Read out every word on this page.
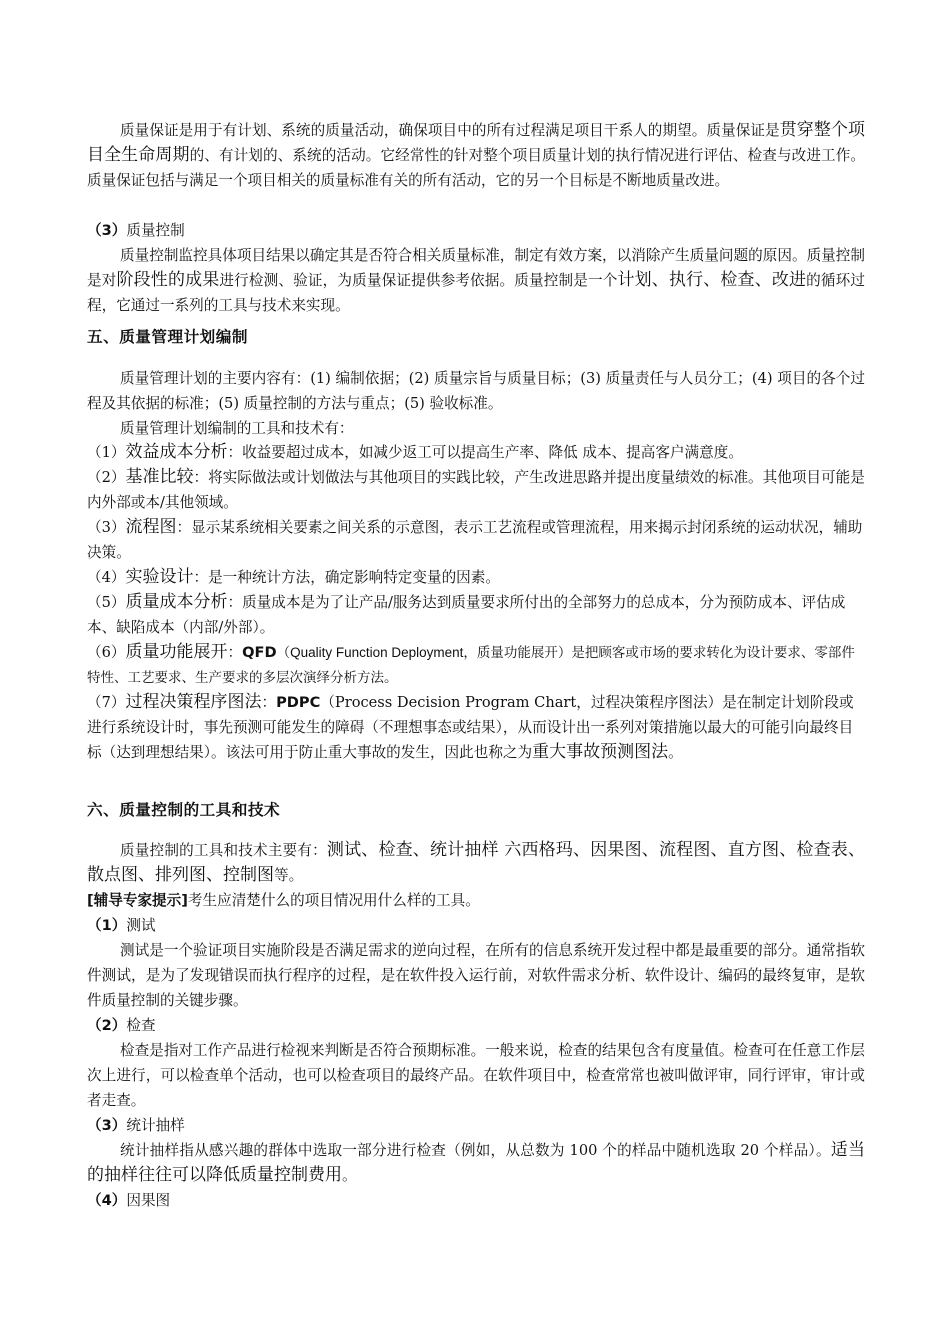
质量保证是用于有计划、系统的质量活动，确保项目中的所有过程满足项目干系人的期望。质量保证是贯穿整个项目全生命周期的、有计划的、系统的活动。它经常性的针对整个项目质量计划的执行情况进行评估、检查与改进工作。质量保证包括与满足一个项目相关的质量标准有关的所有活动，它的另一个目标是不断地质量改进。

（3）质量控制

质量控制监控具体项目结果以确定其是否符合相关质量标准，制定有效方案，以消除产生质量问题的原因。质量控制是对阶段性的成果进行检测、验证，为质量保证提供参考依据。质量控制是一个计划、执行、检查、改进的循环过程，它通过一系列的工具与技术来实现。

五、质量管理计划编制

质量管理计划的主要内容有：(1) 编制依据；(2) 质量宗旨与质量目标；(3) 质量责任与人员分工；(4) 项目的各个过程及其依据的标准；(5) 质量控制的方法与重点；(5) 验收标准。

质量管理计划编制的工具和技术有：

（1）效益成本分析：收益要超过成本，如减少返工可以提高生产率、降低 成本、提高客户满意度。

（2）基准比较：将实际做法或计划做法与其他项目的实践比较，产生改进思路并提出度量绩效的标准。其他项目可能是内外部或本/其他领域。

（3）流程图：显示某系统相关要素之间关系的示意图，表示工艺流程或管理流程，用来揭示封闭系统的运动状况，辅助决策。

（4）实验设计：是一种统计方法，确定影响特定变量的因素。

（5）质量成本分析：质量成本是为了让产品/服务达到质量要求所付出的全部努力的总成本，分为预防成本、评估成本、缺陷成本（内部/外部）。

（6）质量功能展开：QFD（Quality Function Deployment，质量功能展开）是把顾客或市场的要求转化为设计要求、零部件特性、工艺要求、生产要求的多层次演绎分析方法。

（7）过程决策程序图法：PDPC（Process Decision Program Chart，过程决策程序图法）是在制定计划阶段或进行系统设计时，事先预测可能发生的障碍（不理想事态或结果），从而设计出一系列对策措施以最大的可能引向最终目标（达到理想结果）。该法可用于防止重大事故的发生，因此也称之为重大事故预测图法。

六、质量控制的工具和技术

质量控制的工具和技术主要有：测试、检查、统计抽样 六西格玛、因果图、流程图、直方图、检查表、散点图、排列图、控制图等。

[辅导专家提示]考生应清楚什么的项目情况用什么样的工具。

（1）测试

测试是一个验证项目实施阶段是否满足需求的逆向过程，在所有的信息系统开发过程中都是最重要的部分。通常指软件测试，是为了发现错误而执行程序的过程，是在软件投入运行前，对软件需求分析、软件设计、编码的最终复审，是软件质量控制的关键步骤。

（2）检查

检查是指对工作产品进行检视来判断是否符合预期标准。一般来说，检查的结果包含有度量值。检查可在任意工作层次上进行，可以检查单个活动，也可以检查项目的最终产品。在软件项目中，检查常常也被叫做评审，同行评审，审计或者走查。

（3）统计抽样

统计抽样指从感兴趣的群体中选取一部分进行检查（例如，从总数为 100 个的样品中随机选取 20 个样品）。适当的抽样往往可以降低质量控制费用。

（4）因果图
